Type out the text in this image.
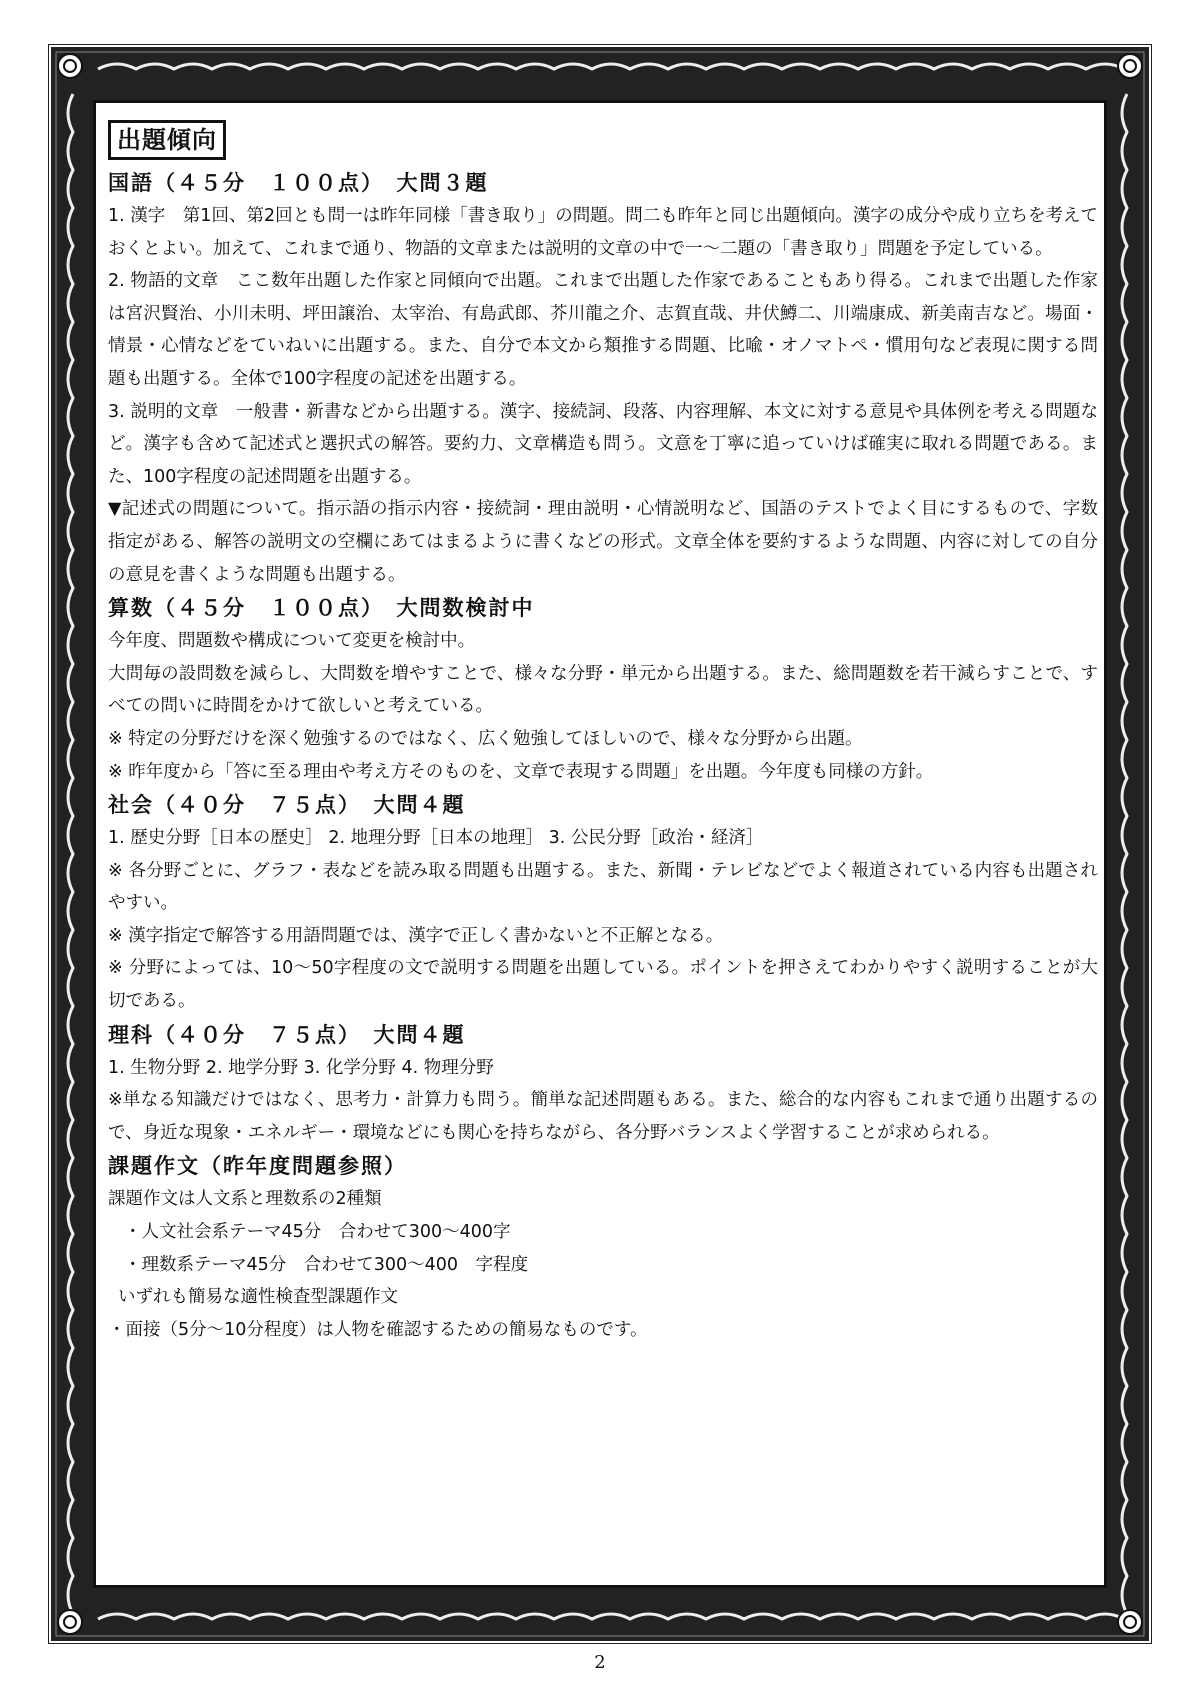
出題傾向
国語（４５分　１００点）　大問３題

1. 漢字　第1回、第2回とも問一は昨年同様「書き取り」の問題。問二も昨年と同じ出題傾向。漢字の成分や成り立ちを考えておくとよい。加えて、これまで通り、物語的文章または説明的文章の中で一～二題の「書き取り」問題を予定している。

2. 物語的文章　ここ数年出題した作家と同傾向で出題。これまで出題した作家であることもあり得る。これまで出題した作家は宮沢賢治、小川未明、坪田譲治、太宰治、有島武郎、芥川龍之介、志賀直哉、井伏鱒二、川端康成、新美南吉など。場面・情景・心情などをていねいに出題する。また、自分で本文から類推する問題、比喩・オノマトペ・慣用句など表現に関する問題も出題する。全体で100字程度の記述を出題する。

3. 説明的文章　一般書・新書などから出題する。漢字、接続詞、段落、内容理解、本文に対する意見や具体例を考える問題など。漢字も含めて記述式と選択式の解答。要約力、文章構造も問う。文意を丁寧に追っていけば確実に取れる問題である。また、100字程度の記述問題を出題する。

▼記述式の問題について。指示語の指示内容・接続詞・理由説明・心情説明など、国語のテストでよく目にするもので、字数指定がある、解答の説明文の空欄にあてはまるように書くなどの形式。文章全体を要約するような問題、内容に対しての自分の意見を書くような問題も出題する。

算数（４５分　１００点）　大問数検討中

今年度、問題数や構成について変更を検討中。

大問毎の設問数を減らし、大問数を増やすことで、様々な分野・単元から出題する。また、総問題数を若干減らすことで、すべての問いに時間をかけて欲しいと考えている。

※ 特定の分野だけを深く勉強するのではなく、広く勉強してほしいので、様々な分野から出題。

※ 昨年度から「答に至る理由や考え方そのものを、文章で表現する問題」を出題。今年度も同様の方針。

社会（４０分　７５点）　大問４題

1. 歴史分野［日本の歴史］ 2. 地理分野［日本の地理］ 3. 公民分野［政治・経済］

※ 各分野ごとに、グラフ・表などを読み取る問題も出題する。また、新聞・テレビなどでよく報道されている内容も出題されやすい。

※ 漢字指定で解答する用語問題では、漢字で正しく書かないと不正解となる。

※ 分野によっては、10～50字程度の文で説明する問題を出題している。ポイントを押さえてわかりやすく説明することが大切である。

理科（４０分　７５点）　大問４題

1. 生物分野 2. 地学分野 3. 化学分野 4. 物理分野

※単なる知識だけではなく、思考力・計算力も問う。簡単な記述問題もある。また、総合的な内容もこれまで通り出題するので、身近な現象・エネルギー・環境などにも関心を持ちながら、各分野バランスよく学習することが求められる。

課題作文（昨年度問題参照）

課題作文は人文系と理数系の2種類

・人文社会系テーマ45分　合わせて300～400字

・理数系テーマ45分　合わせて300～400　字程度

いずれも簡易な適性検査型課題作文

・面接（5分～10分程度）は人物を確認するための簡易なものです。

2
